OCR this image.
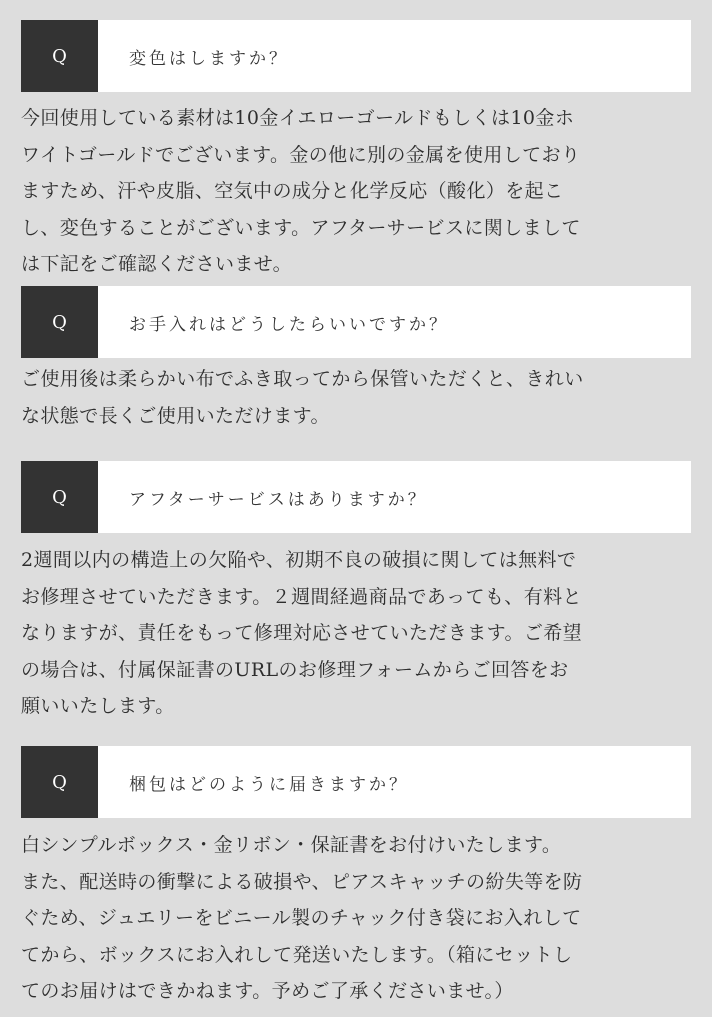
Q	変色はしますか？

今回使用している素材は10金イエローゴールドもしくは10金ホ
ワイトゴールドでございます。金の他に別の金属を使用しており
ますため、汗や皮脂、空気中の成分と化学反応（酸化）を起こ
し、変色することがございます。アフターサービスに関しまして
は下記をご確認くださいませ。

Q	お手入れはどうしたらいいですか？

ご使用後は柔らかい布でふき取ってから保管いただくと、きれい
な状態で長くご使用いただけます。

Q	アフターサービスはありますか？

2週間以内の構造上の欠陥や、初期不良の破損に関しては無料で
お修理させていただきます。２週間経過商品であっても、有料と
なりますが、責任をもって修理対応させていただきます。ご希望
の場合は、付属保証書のURLのお修理フォームからご回答をお
願いいたします。

Q	梱包はどのように届きますか？

白シンプルボックス・金リボン・保証書をお付けいたします。
また、配送時の衝撃による破損や、ピアスキャッチの紛失等を防
ぐため、ジュエリーをビニール製のチャック付き袋にお入れして
てから、ボックスにお入れして発送いたします。（箱にセットし
てのお届けはできかねます。予めご了承くださいませ。）
